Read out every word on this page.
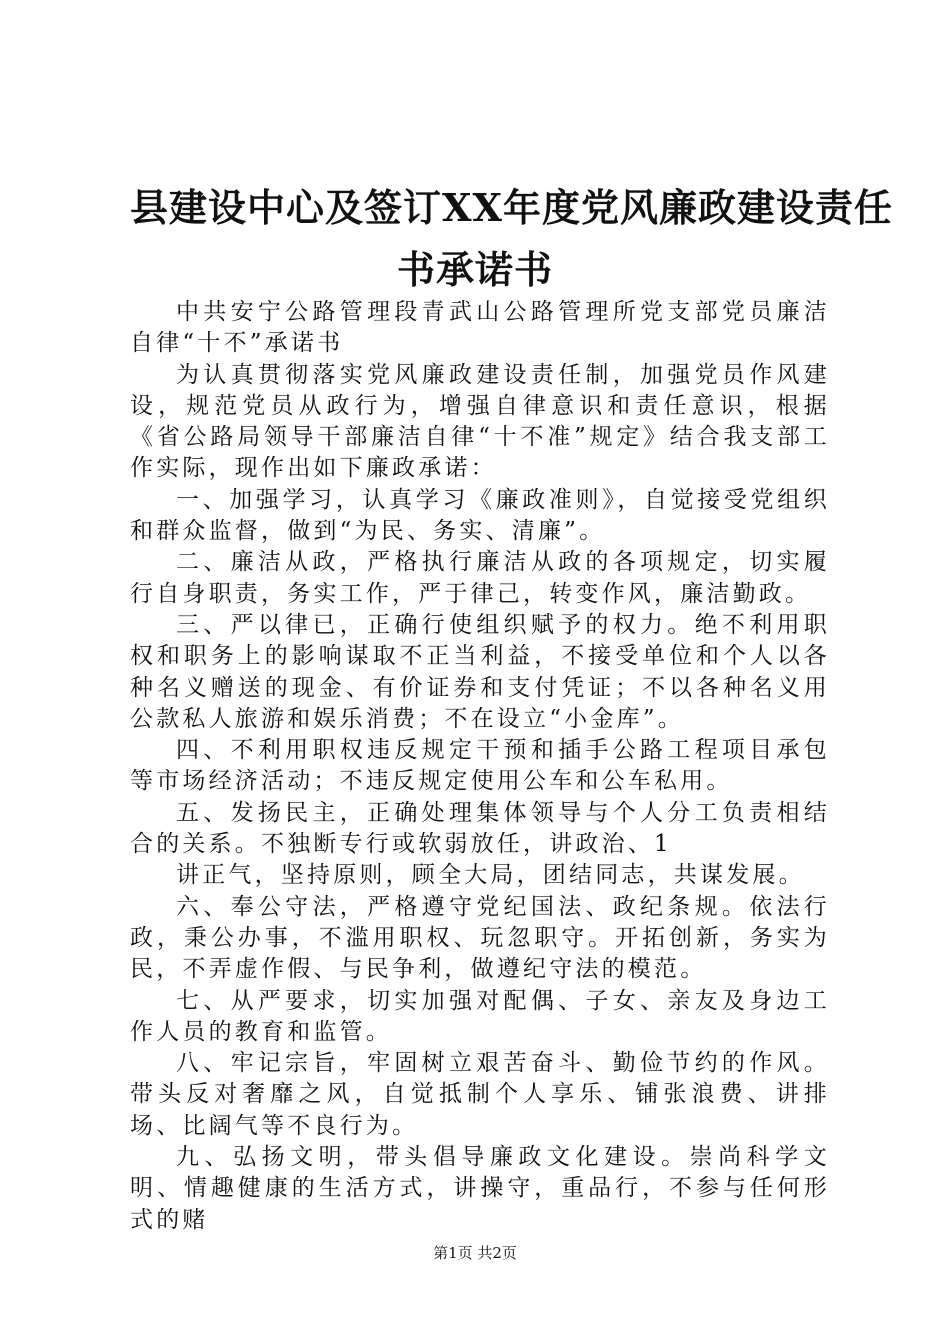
县建设中心及签订XX年度党风廉政建设责任
书承诺书

中共安宁公路管理段青武山公路管理所党支部党员廉洁自律“十不”承诺书

为认真贯彻落实党风廉政建设责任制，加强党员作风建设，规范党员从政行为，增强自律意识和责任意识，根据《省公路局领导干部廉洁自律“十不准”规定》结合我支部工作实际，现作出如下廉政承诺：

一、加强学习，认真学习《廉政准则》，自觉接受党组织和群众监督，做到“为民、务实、清廉”。

二、廉洁从政，严格执行廉洁从政的各项规定，切实履行自身职责，务实工作，严于律己，转变作风，廉洁勤政。

三、严以律已，正确行使组织赋予的权力。绝不利用职权和职务上的影响谋取不正当利益，不接受单位和个人以各种名义赠送的现金、有价证券和支付凭证；不以各种名义用公款私人旅游和娱乐消费；不在设立“小金库”。

四、不利用职权违反规定干预和插手公路工程项目承包等市场经济活动；不违反规定使用公车和公车私用。

五、发扬民主，正确处理集体领导与个人分工负责相结合的关系。不独断专行或软弱放任，讲政治、1

讲正气，坚持原则，顾全大局，团结同志，共谋发展。

六、奉公守法，严格遵守党纪国法、政纪条规。依法行政，秉公办事，不滥用职权、玩忽职守。开拓创新，务实为民，不弄虚作假、与民争利，做遵纪守法的模范。

七、从严要求，切实加强对配偶、子女、亲友及身边工作人员的教育和监管。

八、牢记宗旨，牢固树立艰苦奋斗、勤俭节约的作风。带头反对奢靡之风，自觉抵制个人享乐、铺张浪费、讲排场、比阔气等不良行为。

九、弘扬文明，带头倡导廉政文化建设。崇尚科学文明、情趣健康的生活方式，讲操守，重品行，不参与任何形式的赌

第1页 共2页
